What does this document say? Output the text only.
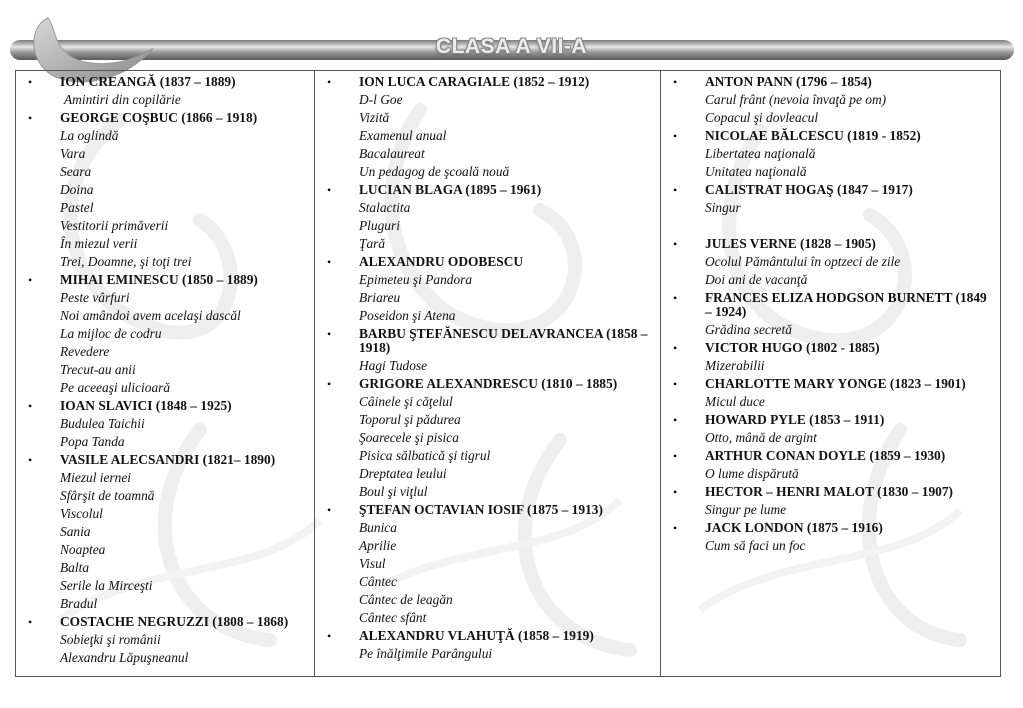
CLASA A VII-A
• ION CREANGĂ (1837 – 1889)
Amintiri din copilărie
• GEORGE COŞBUC (1866 – 1918)
La oglindă
Vara
Seara
Doina
Pastel
Vestitorii primăverii
În miezul verii
Trei, Doamne, şi toţi trei
• MIHAI EMINESCU (1850 – 1889)
Peste vârfuri
Noi amândoi avem acelaşi dascăl
La mijloc de codru
Revedere
Trecut-au anii
Pe aceeaşi ulicioară
• IOAN SLAVICI (1848 – 1925)
Budulea Taichii
Popa Tanda
• VASILE ALECSANDRI (1821– 1890)
Miezul iernei
Sfârşit de toamnă
Viscolul
Sania
Noaptea
Balta
Serile la Mirceşti
Bradul
• COSTACHE NEGRUZZI (1808 – 1868)
Sobieţki şi românii
Alexandru Lăpuşneanul

• ION LUCA CARAGIALE (1852 – 1912)
D-l Goe
Vizită
Examenul anual
Bacalaureat
Un pedagog de şcoală nouă
• LUCIAN BLAGA (1895 – 1961)
Stalactita
Pluguri
Ţară
• ALEXANDRU ODOBESCU
Epimeteu şi Pandora
Briareu
Poseidon şi Atena
• BARBU ŞTEFĂNESCU DELAVRANCEA (1858 – 1918)
Hagi Tudose
• GRIGORE ALEXANDRESCU (1810 – 1885)
Câinele şi căţelul
Toporul şi pădurea
Şoarecele şi pisica
Pisica sălbatică şi tigrul
Dreptatea leului
Boul şi viţlul
• ŞTEFAN OCTAVIAN IOSIF (1875 – 1913)
Bunica
Aprilie
Visul
Cântec
Cântec de leagăn
Cântec sfânt
• ALEXANDRU VLAHUŢĂ (1858 – 1919)
Pe înălţimile Parângului

• ANTON PANN (1796 – 1854)
Carul frânt (nevoia învaţă pe om)
Copacul şi dovleacul
• NICOLAE BĂLCESCU (1819 - 1852)
Libertatea naţională
Unitatea naţională
• CALISTRAT HOGAŞ (1847 – 1917)
Singur
• JULES VERNE (1828 – 1905)
Ocolul Pământului în optzeci de zile
Doi ani de vacanţă
• FRANCES ELIZA HODGSON BURNETT (1849 – 1924)
Grădina secretă
• VICTOR HUGO (1802 - 1885)
Mizerabilii
• CHARLOTTE MARY YONGE (1823 – 1901)
Micul duce
• HOWARD PYLE (1853 – 1911)
Otto, mână de argint
• ARTHUR CONAN DOYLE (1859 – 1930)
O lume dispărută
• HECTOR – HENRI MALOT (1830 – 1907)
Singur pe lume
• JACK LONDON (1875 – 1916)
Cum să faci un foc
